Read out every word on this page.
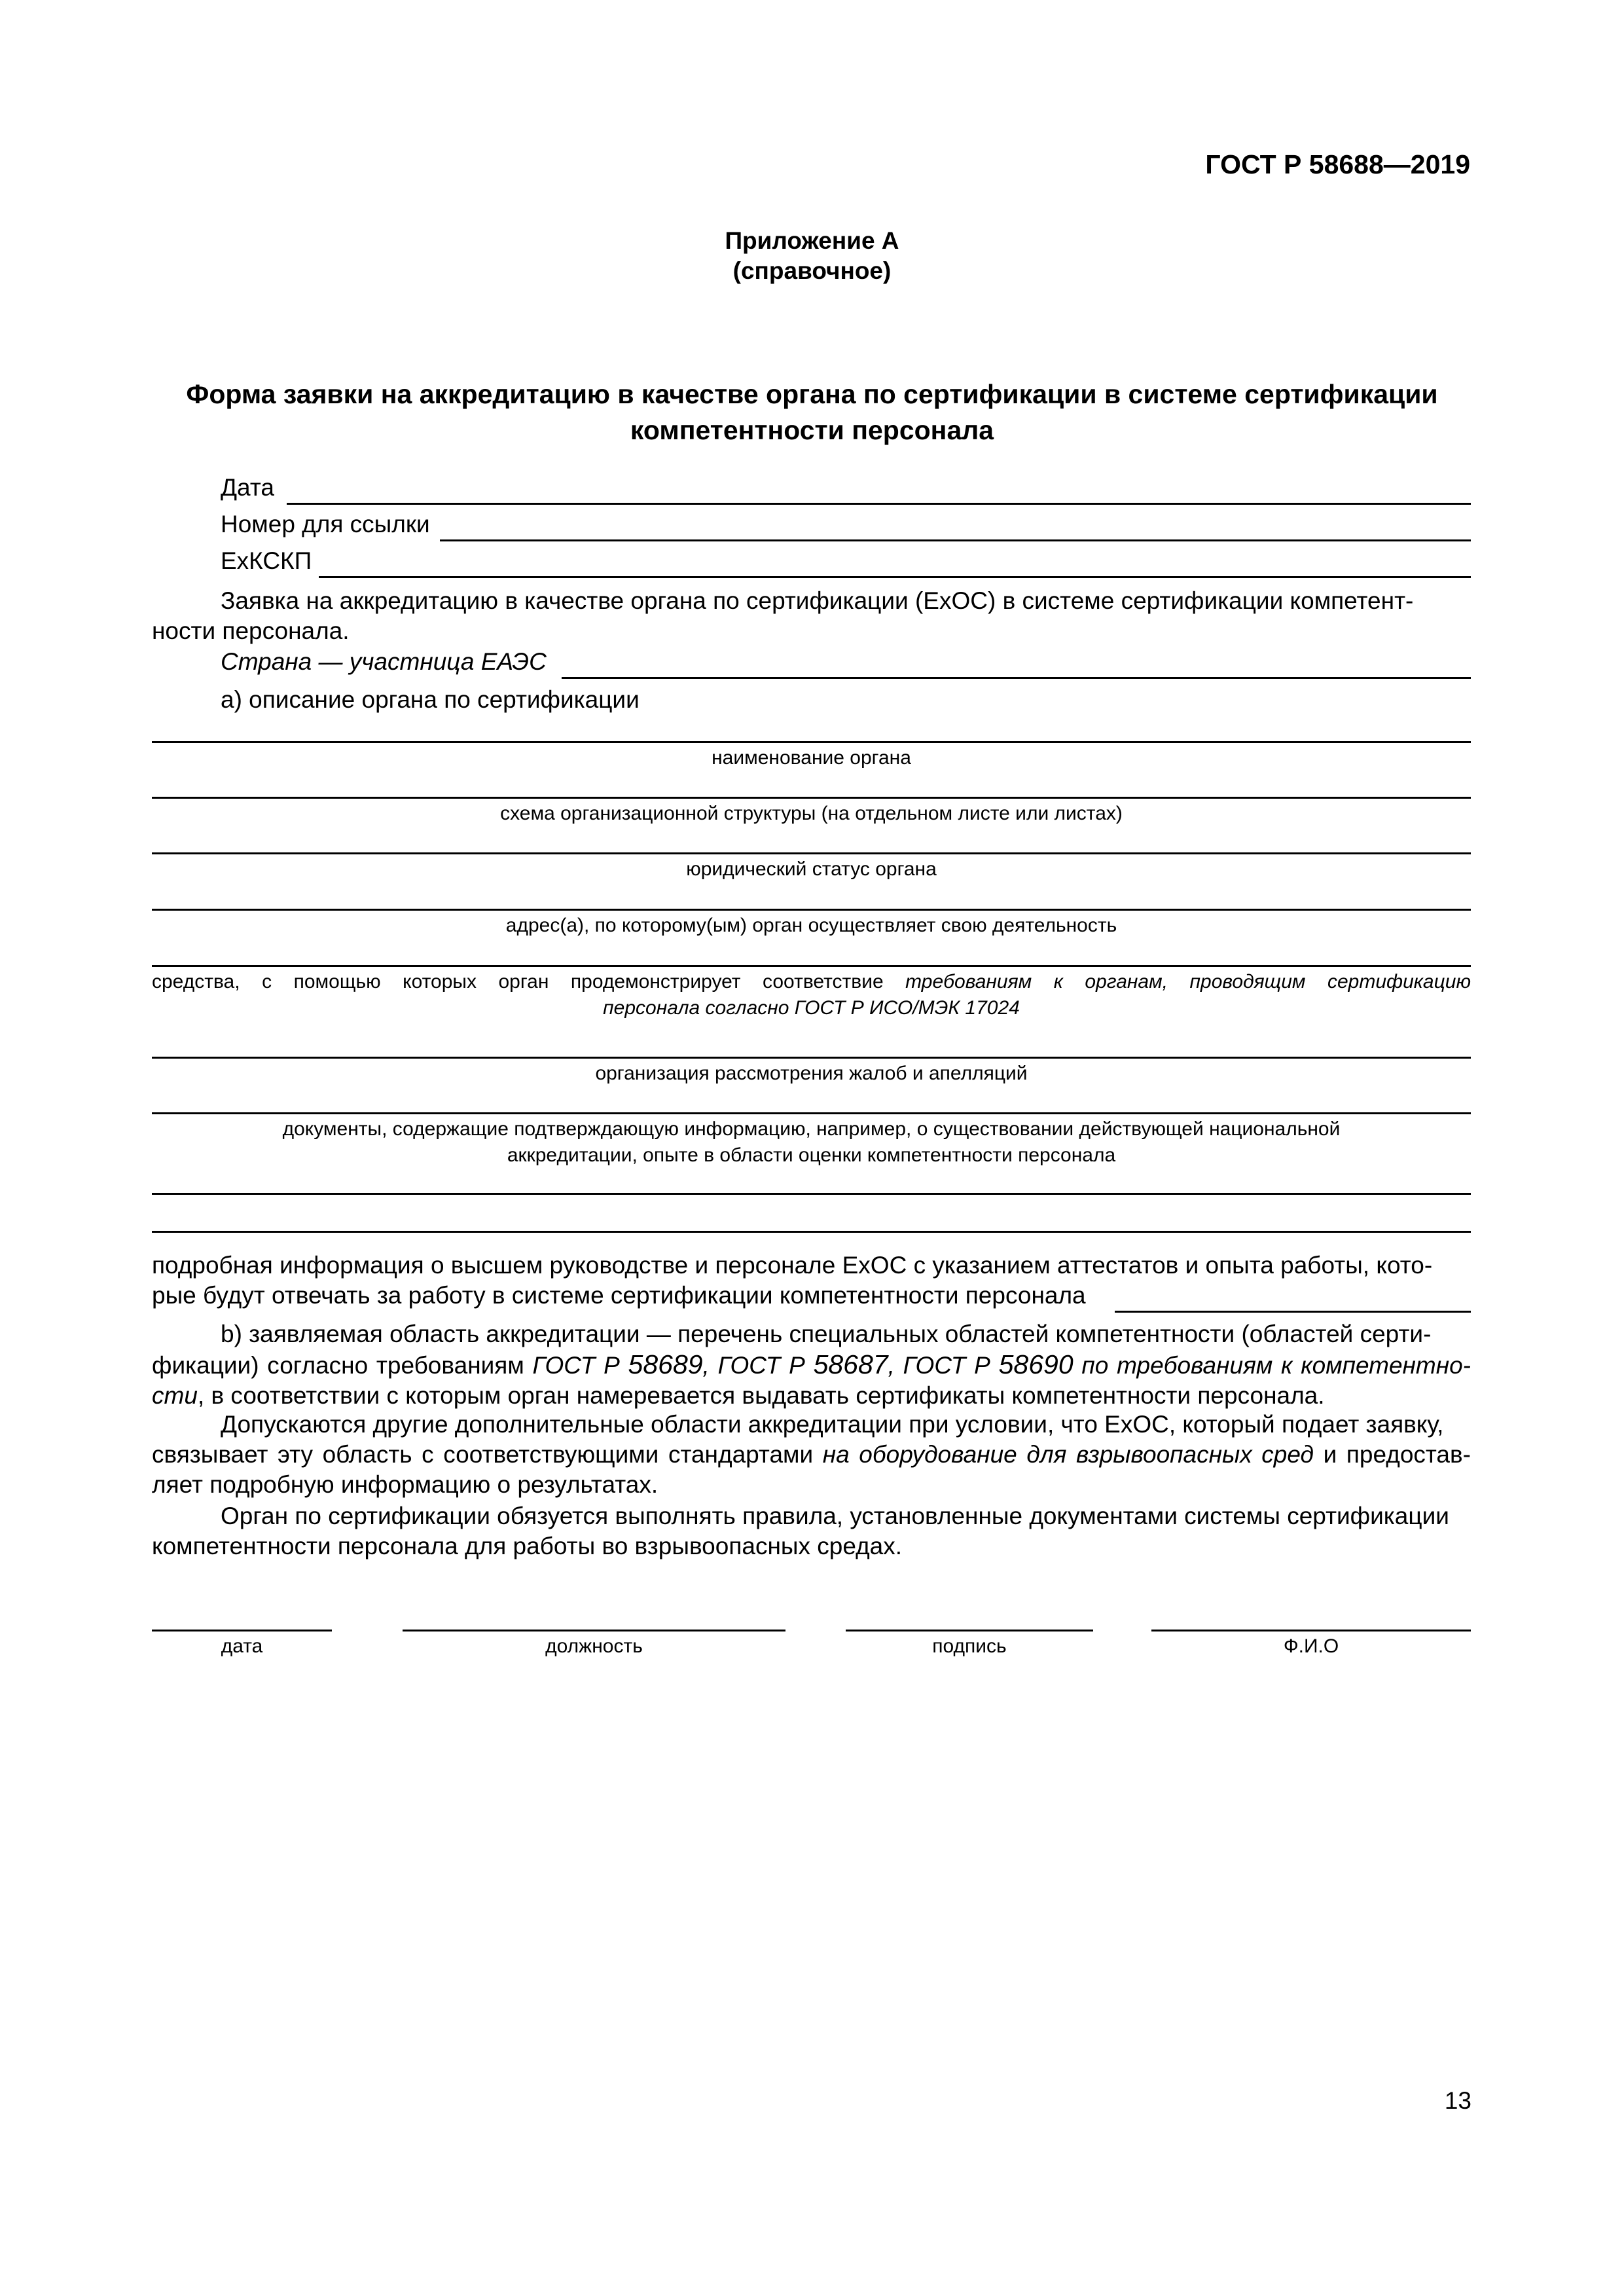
ГОСТ Р 58688—2019
Приложение А
(справочное)
Форма заявки на аккредитацию в качестве органа по сертификации в системе сертификации
компетентности персонала
Дата
Номер для ссылки
ExКСКП
Заявка на аккредитацию в качестве органа по сертификации (ExОС) в системе сертификации компетент-
ности персонала.
Страна — участница ЕАЭС
а) описание органа по сертификации
наименование органа
схема организационной структуры (на отдельном листе или листах)
юридический статус органа
адрес(а), по которому(ым) орган осуществляет свою деятельность
средства, с помощью которых орган продемонстрирует соответствие требованиям к органам, проводящим сертификацию
персонала согласно ГОСТ Р ИСО/МЭК 17024
организация рассмотрения жалоб и апелляций
документы, содержащие подтверждающую информацию, например, о существовании действующей национальной
аккредитации, опыте в области оценки компетентности персонала
подробная информация о высшем руководстве и персонале ExОС с указанием аттестатов и опыта работы, кото-
рые будут отвечать за работу в системе сертификации компетентности персонала
b) заявляемая область аккредитации — перечень специальных областей компетентности (областей серти-
фикации) согласно требованиям ГОСТ Р 58689, ГОСТ Р 58687, ГОСТ Р 58690 по требованиям к компетентно-
сти, в соответствии с которым орган намеревается выдавать сертификаты компетентности персонала.
Допускаются другие дополнительные области аккредитации при условии, что ExОС, который подает заявку,
связывает эту область с соответствующими стандартами на оборудование для взрывоопасных сред и предостав-
ляет подробную информацию о результатах.
Орган по сертификации обязуется выполнять правила, установленные документами системы сертификации
компетентности персонала для работы во взрывоопасных средах.
дата	должность	подпись	Ф.И.О
13
